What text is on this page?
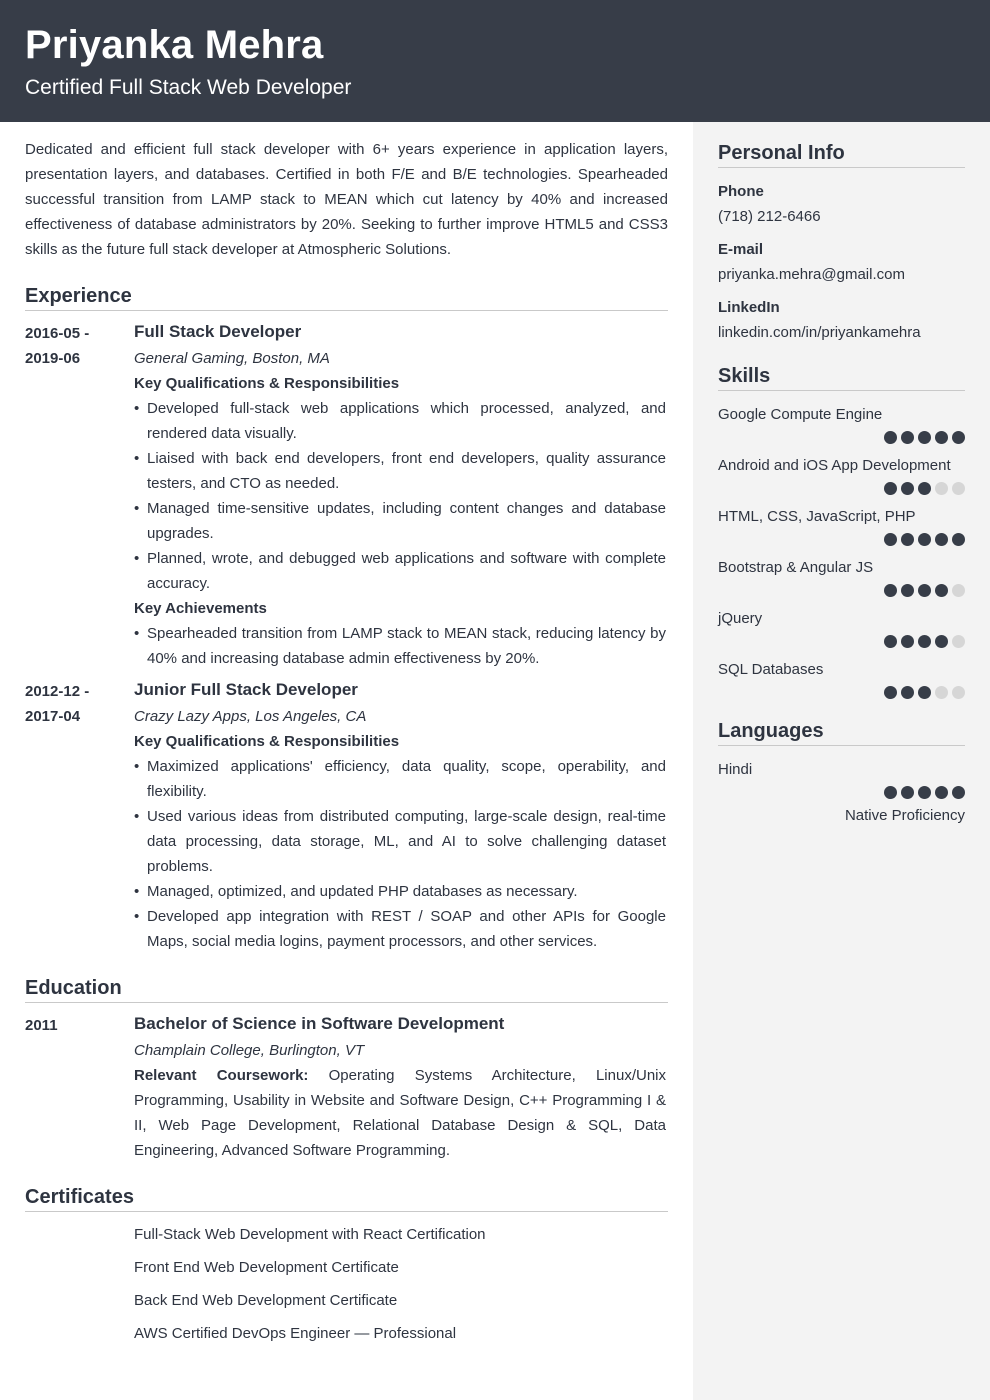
Priyanka Mehra
Certified Full Stack Web Developer

Dedicated and efficient full stack developer with 6+ years experience in application layers, presentation layers, and databases. Certified in both F/E and B/E technologies. Spearheaded successful transition from LAMP stack to MEAN which cut latency by 40% and increased effectiveness of database administrators by 20%. Seeking to further improve HTML5 and CSS3 skills as the future full stack developer at Atmospheric Solutions.

Experience
2016-05 -
2019-06
Full Stack Developer
General Gaming, Boston, MA
Key Qualifications & Responsibilities
• Developed full-stack web applications which processed, analyzed, and rendered data visually.
• Liaised with back end developers, front end developers, quality assurance testers, and CTO as needed.
• Managed time-sensitive updates, including content changes and database upgrades.
• Planned, wrote, and debugged web applications and software with complete accuracy.
Key Achievements
• Spearheaded transition from LAMP stack to MEAN stack, reducing latency by 40% and increasing database admin effectiveness by 20%.
2012-12 -
2017-04
Junior Full Stack Developer
Crazy Lazy Apps, Los Angeles, CA
Key Qualifications & Responsibilities
• Maximized applications' efficiency, data quality, scope, operability, and flexibility.
• Used various ideas from distributed computing, large-scale design, real-time data processing, data storage, ML, and AI to solve challenging dataset problems.
• Managed, optimized, and updated PHP databases as necessary.
• Developed app integration with REST / SOAP and other APIs for Google Maps, social media logins, payment processors, and other services.
Education
2011	Bachelor of Science in Software Development
Champlain College, Burlington, VT

Relevant Coursework: Operating Systems Architecture, Linux/Unix Programming, Usability in Website and Software Design, C++ Programming I & II, Web Page Development, Relational Database Design & SQL, Data Engineering, Advanced Software Programming.

Certificates
Full-Stack Web Development with React Certification
Front End Web Development Certificate
Back End Web Development Certificate
AWS Certified DevOps Engineer — Professional
Personal Info
Phone
(718) 212-6466
E-mail
priyanka.mehra@gmail.com
LinkedIn
linkedin.com/in/priyankamehra
Skills
Google Compute Engine
Android and iOS App Development
HTML, CSS, JavaScript, PHP
Bootstrap & Angular JS
jQuery
SQL Databases
Languages
Hindi
Native Proficiency
